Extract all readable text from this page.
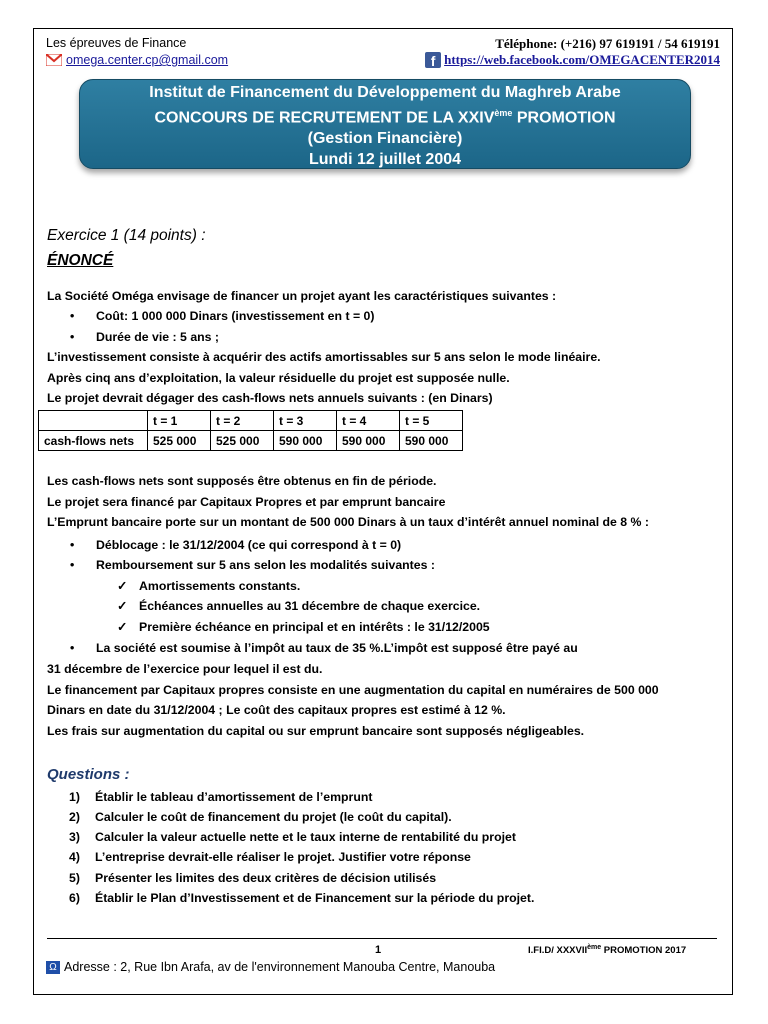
Les épreuves de Finance	Téléphone: (+216) 97 619191 / 54 619191
omega.center.cp@gmail.com	f https://web.facebook.com/OMEGACENTER2014
Institut de Financement du Développement du Maghreb Arabe
CONCOURS DE RECRUTEMENT DE LA XXIVème PROMOTION
(Gestion Financière)
Lundi 12 juillet 2004
Exercice 1 (14 points) :
ÉNONCÉ
La Société Oméga envisage de financer un projet ayant les caractéristiques suivantes :
• Coût: 1 000 000 Dinars (investissement en t = 0)
• Durée de vie : 5 ans ;
L’investissement consiste à acquérir des actifs amortissables sur 5 ans selon le mode linéaire.
Après cinq ans d’exploitation, la valeur résiduelle du projet est supposée nulle.
Le projet devrait dégager des cash-flows nets annuels suivants : (en Dinars)
	t = 1	t = 2	t = 3	t = 4	t = 5
cash-flows nets	525 000	525 000	590 000	590 000	590 000
Les cash-flows nets sont supposés être obtenus en fin de période.
Le projet sera financé par Capitaux Propres et par emprunt bancaire
L’Emprunt bancaire porte sur un montant de 500 000 Dinars à un taux d’intérêt annuel nominal de 8 % :
• Déblocage : le 31/12/2004 (ce qui correspond à t = 0)
• Remboursement sur 5 ans selon les modalités suivantes :
✓ Amortissements constants.
✓ Échéances annuelles au 31 décembre de chaque exercice.
✓ Première échéance en principal et en intérêts : le 31/12/2005
• La société est soumise à l’impôt au taux de 35 %.L’impôt est supposé être payé au
31 décembre de l’exercice pour lequel il est du.
Le financement par Capitaux propres consiste en une augmentation du capital en numéraires de 500 000
Dinars en date du 31/12/2004 ; Le coût des capitaux propres est estimé à 12 %.
Les frais sur augmentation du capital ou sur emprunt bancaire sont supposés négligeables.
Questions :
1) Établir le tableau d’amortissement de l’emprunt
2) Calculer le coût de financement du projet (le coût du capital).
3) Calculer la valeur actuelle nette et le taux interne de rentabilité du projet
4) L’entreprise devrait-elle réaliser le projet. Justifier votre réponse
5) Présenter les limites des deux critères de décision utilisés
6) Établir le Plan d’Investissement et de Financement sur la période du projet.
1	I.FI.D/ XXXVIIème PROMOTION 2017
Ω Adresse : 2, Rue Ibn Arafa, av de l'environnement Manouba Centre, Manouba
